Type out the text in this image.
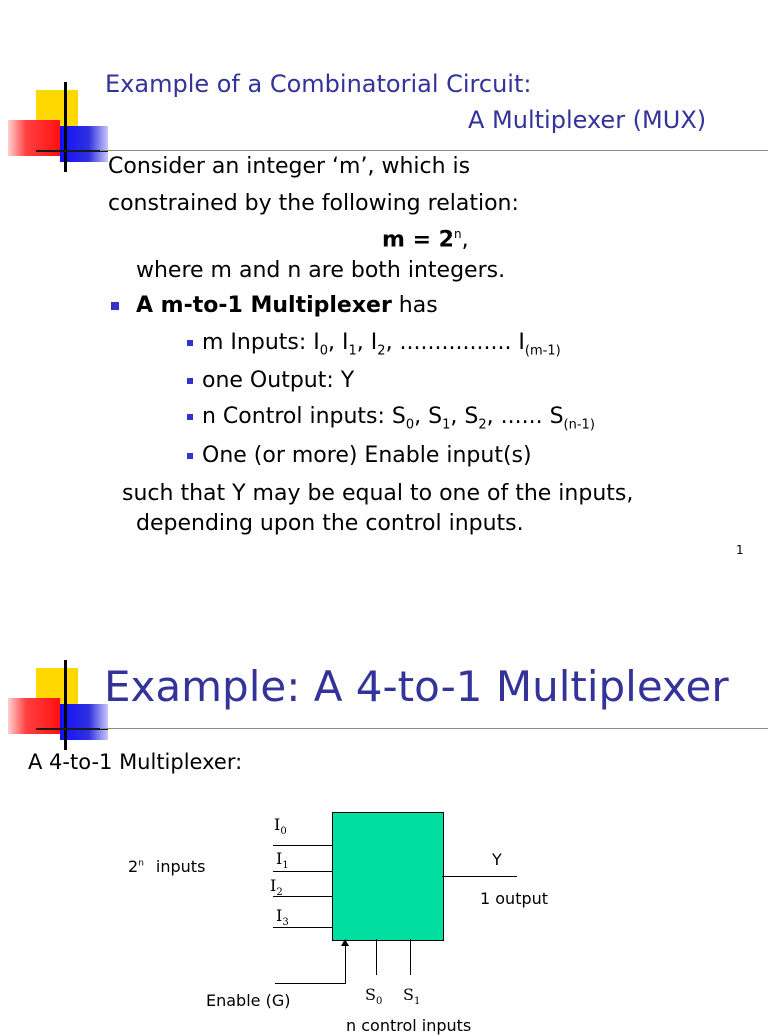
Example of a Combinatorial Circuit:
A Multiplexer (MUX)
Consider an integer ‘m’, which is
constrained by the following relation:
$m = 2^n$,
where m and n are both integers.
A m-to-1 Multiplexer has
m Inputs: $I_0$, $I_1$, $I_2$, ................ $I_{(m-1)}$
one Output: Y
n Control inputs: $S_0$, $S_1$, $S_2$, ...... $S_{(n-1)}$
One (or more) Enable input(s)
such that Y may be equal to one of the inputs,
depending upon the control inputs.
1
Example: A 4-to-1 Multiplexer
A 4-to-1 Multiplexer:
$I_0$
$I_1$
$I_2$
$I_3$
2$^n$ inputs	Y
1 output
Enable (G)	$S_0$ $S_1$
n control inputs
